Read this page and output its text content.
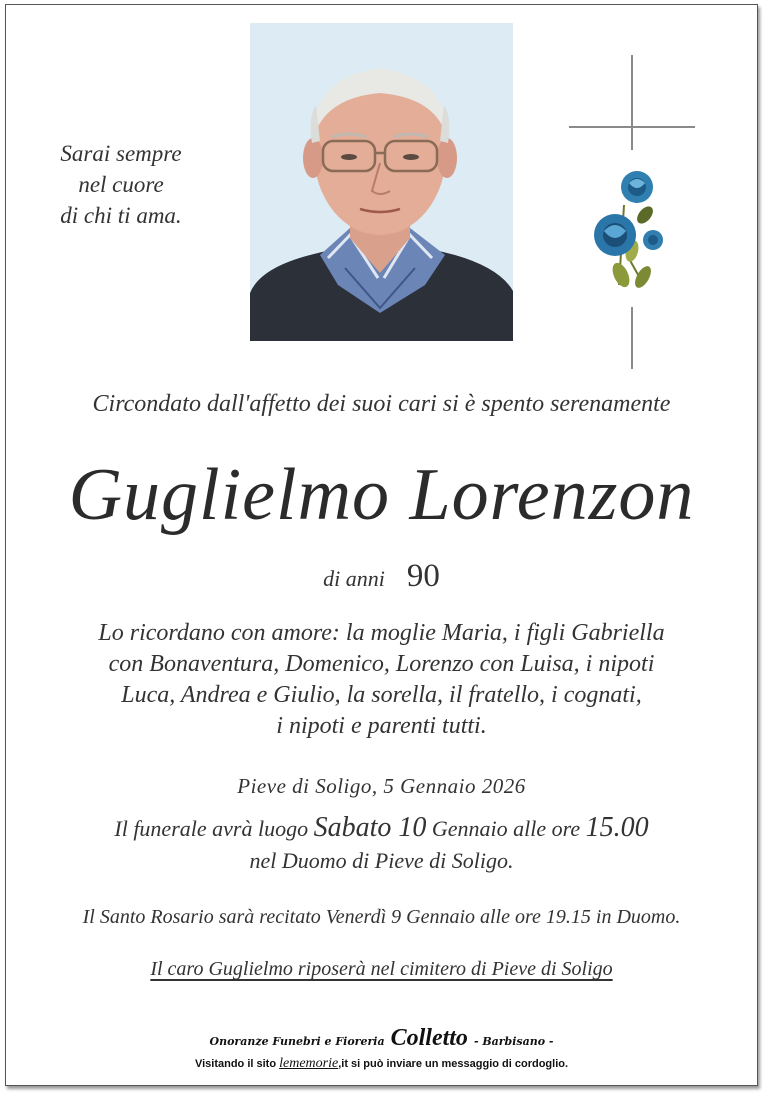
Sarai sempre
nel cuore
di chi ti ama.
Circondato dall'affetto dei suoi cari si è spento serenamente
Guglielmo Lorenzon
di anni 90
Lo ricordano con amore: la moglie Maria, i figli Gabriella
con Bonaventura, Domenico, Lorenzo con Luisa, i nipoti
Luca, Andrea e Giulio, la sorella, il fratello, i cognati,
i nipoti e parenti tutti.
Pieve di Soligo, 5 Gennaio 2026
Il funerale avrà luogo Sabato 10 Gennaio alle ore 15.00
nel Duomo di Pieve di Soligo.
Il Santo Rosario sarà recitato Venerdì 9 Gennaio alle ore 19.15 in Duomo.
Il caro Guglielmo riposerà nel cimitero di Pieve di Soligo
Onoranze Funebri e Fioreria Colletto - Barbisano -
Visitando il sito lememorie,it si può inviare un messaggio di cordoglio.
